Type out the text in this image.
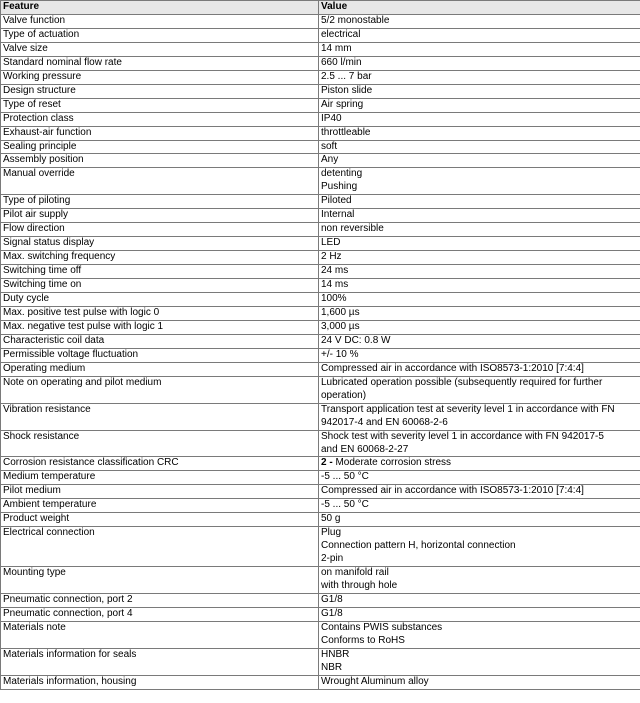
Feature	Value
Valve function	5/2 monostable

Type of actuation	electrical

Valve size	14 mm

Standard nominal flow rate	660 l/min

Working pressure	2.5 ... 7 bar

Design structure	Piston slide

Type of reset	Air spring

Protection class	IP40

Exhaust-air function	throttleable

Sealing principle	soft

Assembly position	Any

Manual override	detenting
Pushing

Type of piloting	Piloted

Pilot air supply	Internal

Flow direction	non reversible

Signal status display	LED

Max. switching frequency	2 Hz

Switching time off	24 ms

Switching time on	14 ms

Duty cycle	100%

Max. positive test pulse with logic 0	1,600 µs

Max. negative test pulse with logic 1	3,000 µs

Characteristic coil data	24 V DC: 0.8 W

Permissible voltage fluctuation	+/- 10 %

Operating medium	Compressed air in accordance with ISO8573-1:2010 [7:4:4]

Note on operating and pilot medium	Lubricated operation possible (subsequently required for further
operation)

Vibration resistance	Transport application test at severity level 1 in accordance with FN
942017-4 and EN 60068-2-6

Shock resistance	Shock test with severity level 1 in accordance with FN 942017-5
and EN 60068-2-27

Corrosion resistance classification CRC	2 - Moderate corrosion stress

Medium temperature	-5 ... 50 °C

Pilot medium	Compressed air in accordance with ISO8573-1:2010 [7:4:4]

Ambient temperature	-5 ... 50 °C

Product weight	50 g

Electrical connection	Plug
Connection pattern H, horizontal connection
2-pin

Mounting type	on manifold rail
with through hole

Pneumatic connection, port 2	G1/8

Pneumatic connection, port 4	G1/8

Materials note	Contains PWIS substances
Conforms to RoHS

Materials information for seals	HNBR
NBR

Materials information, housing	Wrought Aluminum alloy
